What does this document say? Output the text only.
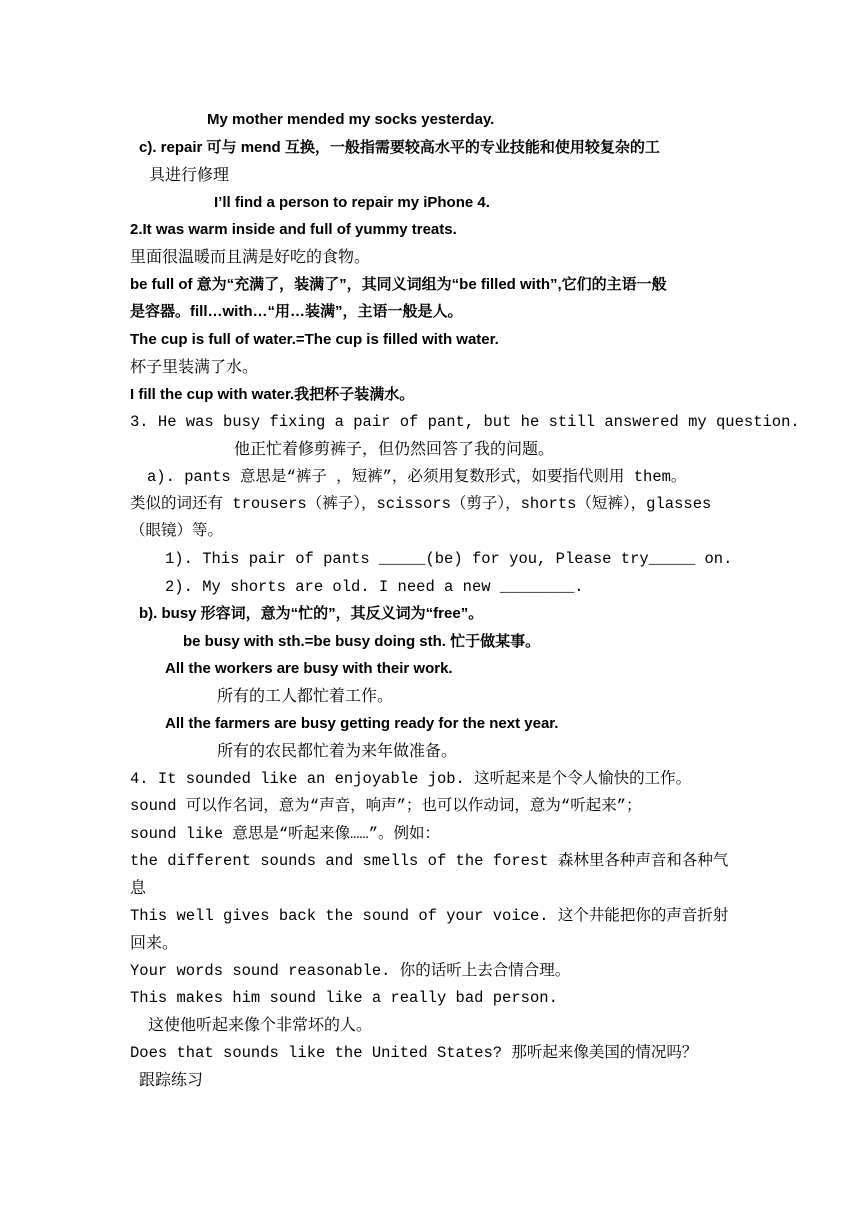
My mother mended my socks yesterday.
c). repair 可与 mend 互换，一般指需要较高水平的专业技能和使用较复杂的工
具进行修理
I’ll find a person to repair my iPhone 4.
2.It was warm inside and full of yummy treats.
里面很温暖而且满是好吃的食物。
be full of 意为“充满了，装满了”，其同义词组为“be filled with”,它们的主语一般
是容器。fill…with…“用…装满”，主语一般是人。
The cup is full of water.=The cup is filled with water.
杯子里装满了水。
I fill the cup with water.我把杯子装满水。
3. He was busy fixing a pair of pant, but he still answered my question.
他正忙着修剪裤子，但仍然回答了我的问题。
a). pants 意思是“裤子 ，短裤”，必须用复数形式，如要指代则用 them。
类似的词还有 trousers（裤子），scissors（剪子），shorts（短裤），glasses
（眼镜）等。
1). This pair of pants _____(be) for you, Please try_____ on.
2). My shorts are old. I need a new ________.
b). busy 形容词，意为“忙的”，其反义词为“free”。
be busy with sth.=be busy doing sth. 忙于做某事。
All the workers are busy with their work.
所有的工人都忙着工作。
All the farmers are busy getting ready for the next year.
所有的农民都忙着为来年做准备。
4. It sounded like an enjoyable job. 这听起来是个令人愉快的工作。
sound 可以作名词，意为“声音，响声”；也可以作动词，意为“听起来”；
sound like 意思是“听起来像……”。例如：
the different sounds and smells of the forest 森林里各种声音和各种气
息
This well gives back the sound of your voice. 这个井能把你的声音折射
回来。
Your words sound reasonable. 你的话听上去合情合理。
This makes him sound like a really bad person.
这使他听起来像个非常坏的人。
Does that sounds like the United States? 那听起来像美国的情况吗？
跟踪练习
